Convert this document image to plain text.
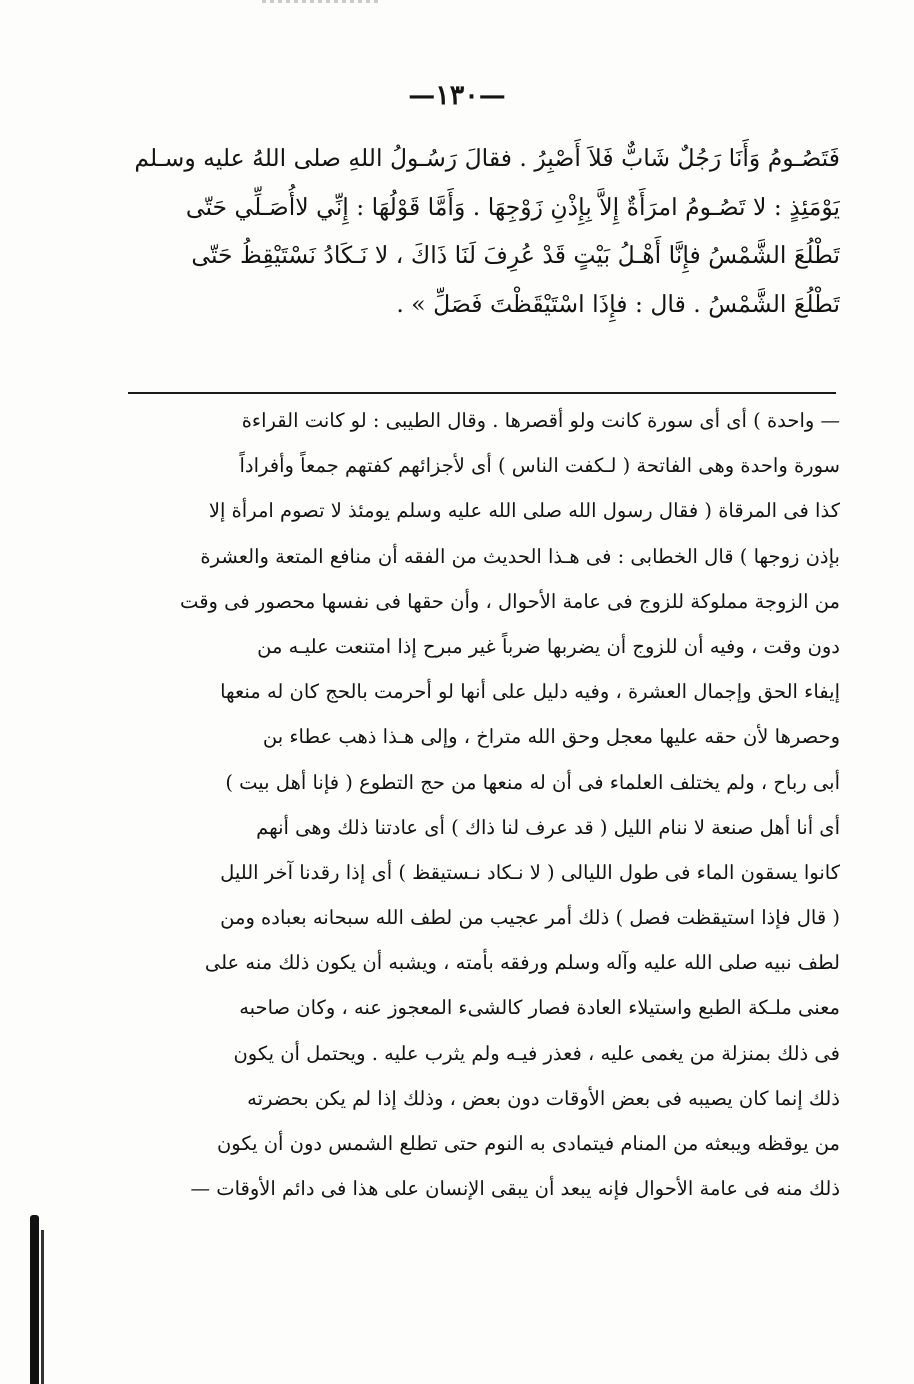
—١٣٠—
فَتَصُـومُ وَأَنَا رَجُلٌ شَابٌّ فَلاَ أَصْبِرُ . فقالَ رَسُـولُ اللهِ صلى اللهُ عليه وسـلم
يَوْمَئِذٍ : لا تَصُـومُ امرَأَةٌ إِلاَّ بِإِذْنِ زَوْجِهَا . وَأَمَّا قَوْلُهَا : إِنِّي لاأُصَـلِّي حَتّى
تَطْلُعَ الشَّمْسُ فإِنَّا أَهْـلُ بَيْتٍ قَدْ عُرِفَ لَنَا ذَاكَ ، لا نَـكَادُ نَسْتَيْقِظُ حَتّى
تَطْلُعَ الشَّمْسُ . قال : فإِذَا اسْتَيْقَظْتَ فَصَلِّ » .
— واحدة ) أى أى سورة كانت ولو أقصرها . وقال الطيبى : لو كانت القراءة
سورة واحدة وهى الفاتحة ( لـكفت الناس ) أى لأجزائهم كفتهم جمعاً وأفراداً
كذا فى المرقاة ( فقال رسول الله صلى الله عليه وسلم يومئذ لا تصوم امرأة إلا
بإذن زوجها ) قال الخطابى : فى هـذا الحديث من الفقه أن منافع المتعة والعشرة
من الزوجة مملوكة للزوج فى عامة الأحوال ، وأن حقها فى نفسها محصور فى وقت
دون وقت ، وفيه أن للزوج أن يضربها ضرباً غير مبرح إذا امتنعت عليـه من
إيفاء الحق وإجمال العشرة ، وفيه دليل على أنها لو أحرمت بالحج كان له منعها
وحصرها لأن حقه عليها معجل وحق الله متراخ ، وإلى هـذا ذهب عطاء بن
أبى رباح ، ولم يختلف العلماء فى أن له منعها من حج التطوع ( فإنا أهل بيت )
أى أنا أهل صنعة لا ننام الليل ( قد عرف لنا ذاك ) أى عادتنا ذلك وهى أنهم
كانوا يسقون الماء فى طول الليالى ( لا نـكاد نـستيقظ ) أى إذا رقدنا آخر الليل
( قال فإذا استيقظت فصل ) ذلك أمر عجيب من لطف الله سبحانه بعباده ومن
لطف نبيه صلى الله عليه وآله وسلم ورفقه بأمته ، ويشبه أن يكون ذلك منه على
معنى ملـكة الطبع واستيلاء العادة فصار كالشىء المعجوز عنه ، وكان صاحبه
فى ذلك بمنزلة من يغمى عليه ، فعذر فيـه ولم يثرب عليه . ويحتمل أن يكون
ذلك إنما كان يصيبه فى بعض الأوقات دون بعض ، وذلك إذا لم يكن بحضرته
من يوقظه ويبعثه من المنام فيتمادى به النوم حتى تطلع الشمس دون أن يكون
ذلك منه فى عامة الأحوال فإنه يبعد أن يبقى الإنسان على هذا فى دائم الأوقات —
